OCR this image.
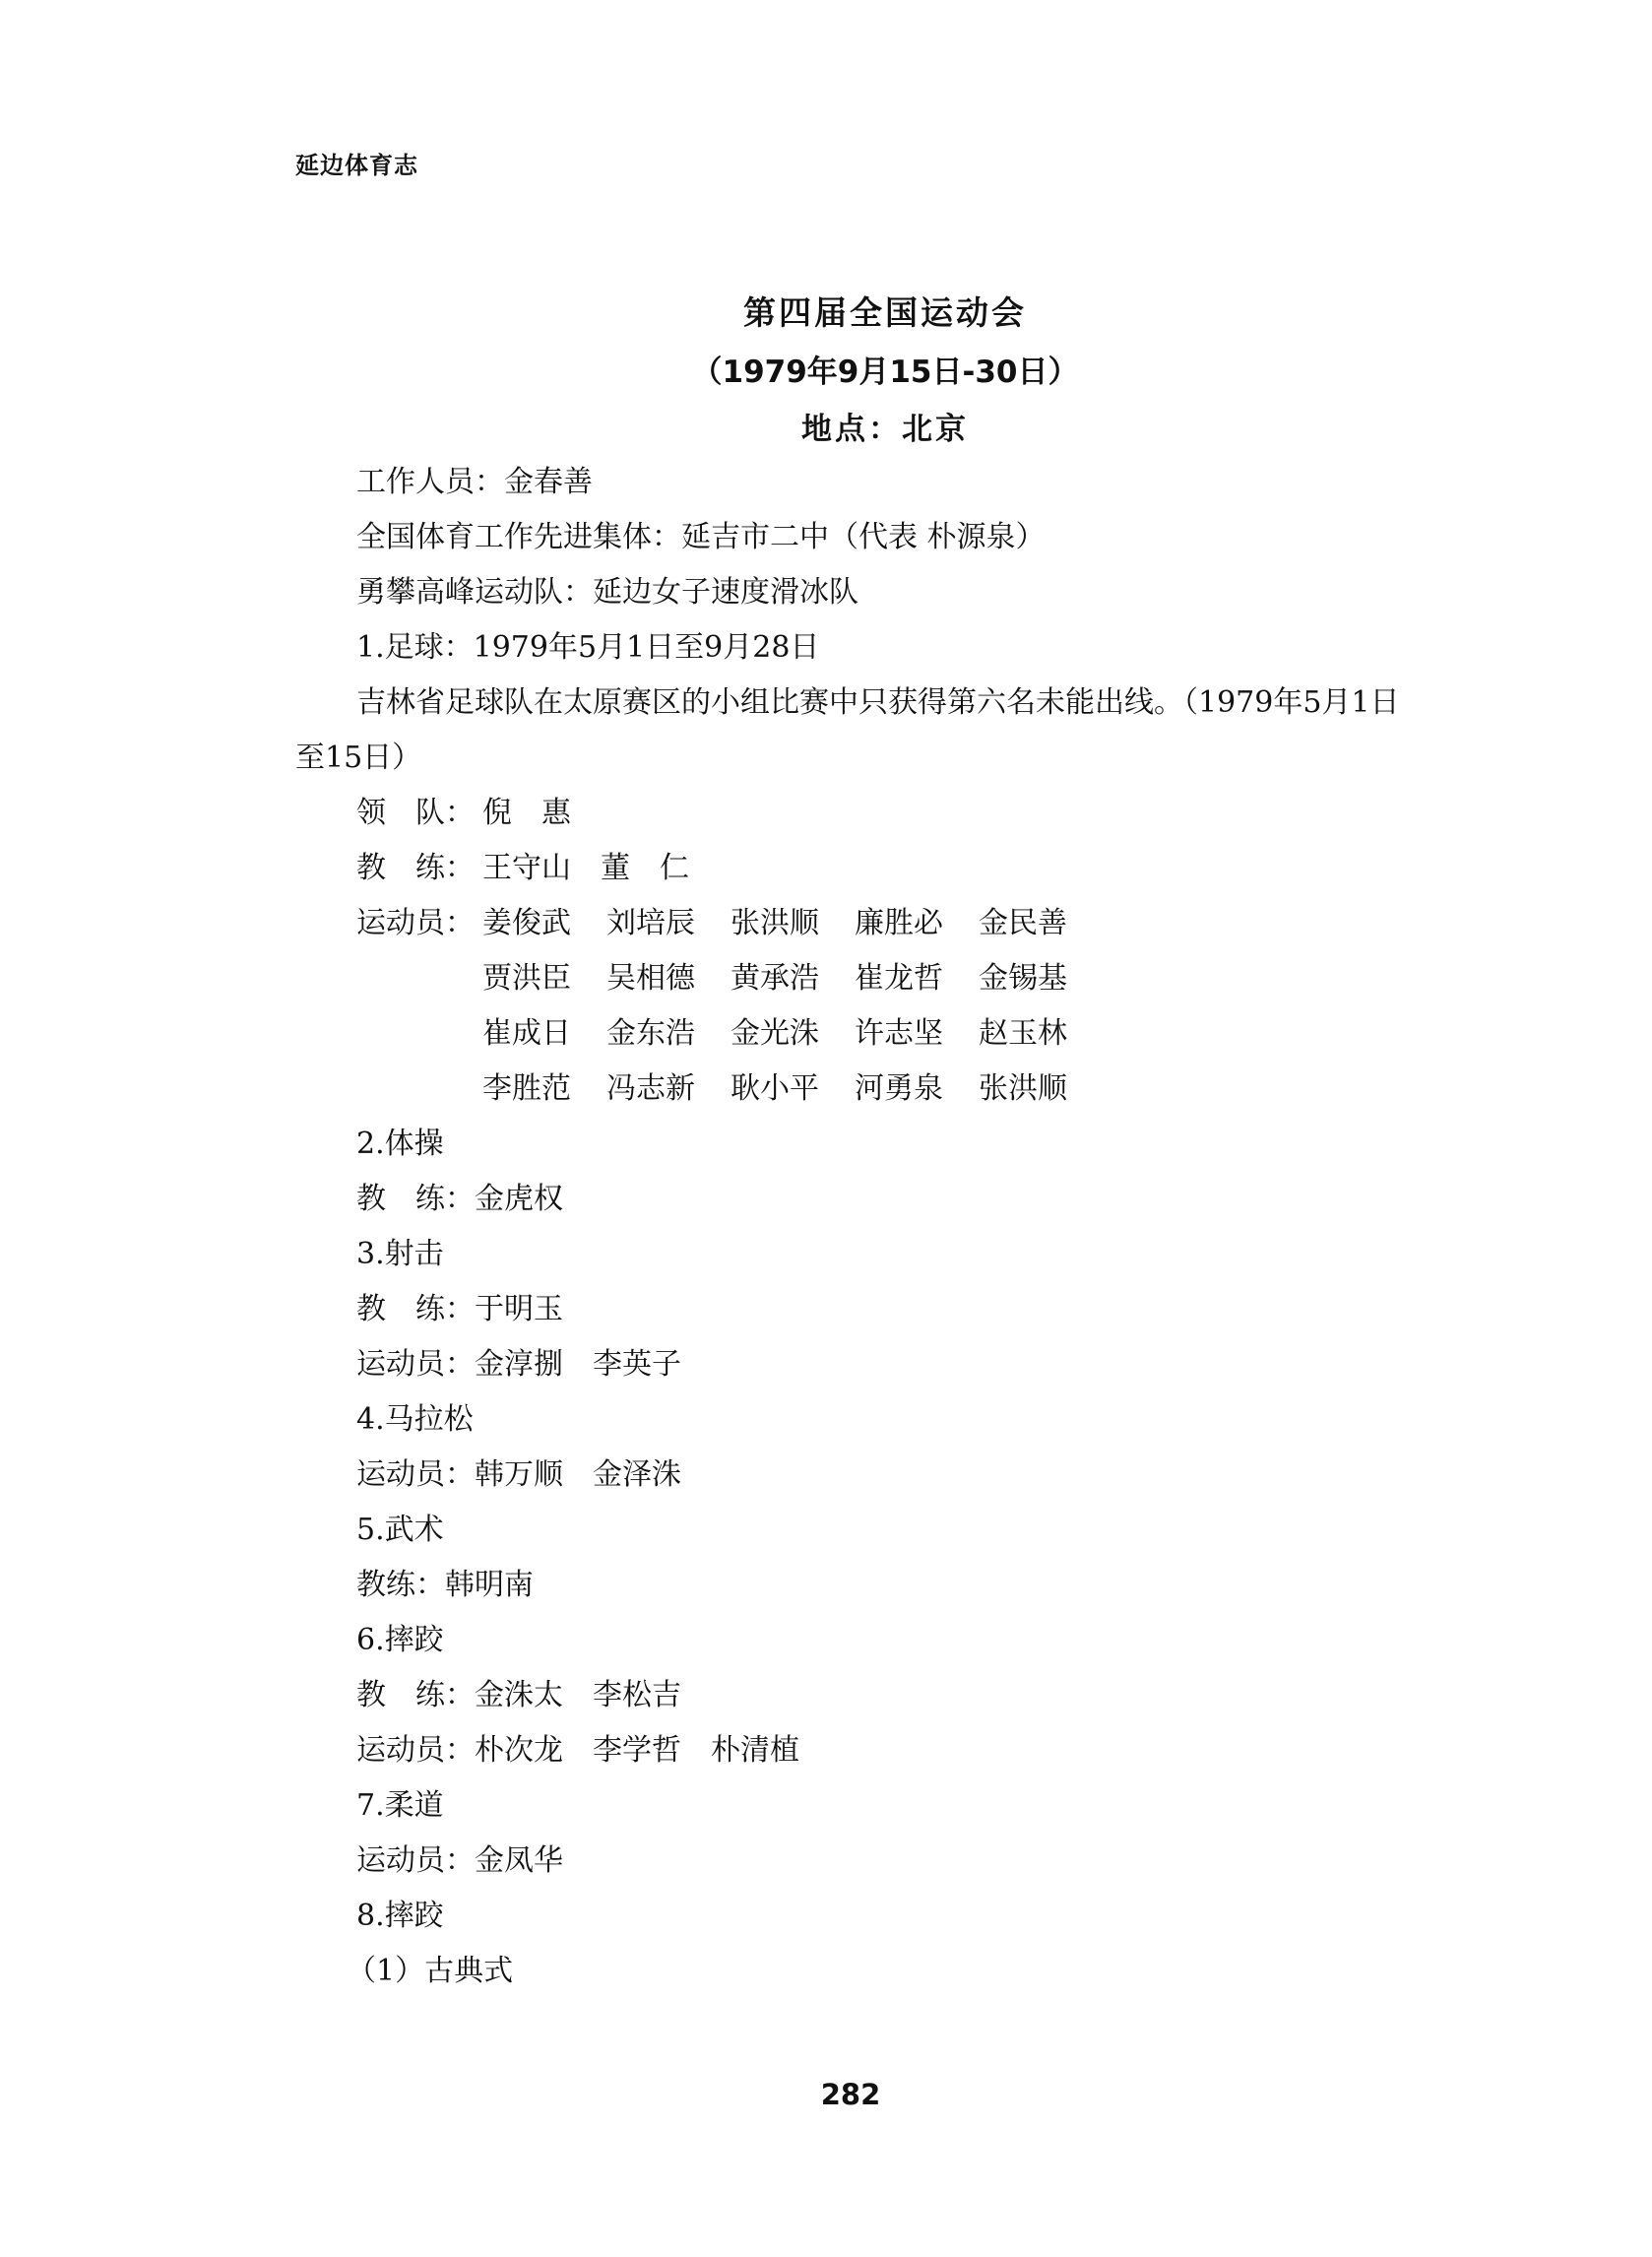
延边体育志
第四届全国运动会
（1979年9月15日-30日）
地点：北京
工作人员：金春善
全国体育工作先进集体：延吉市二中（代表 朴源泉）
勇攀高峰运动队：延边女子速度滑冰队
1.足球：1979年5月1日至9月28日
吉林省足球队在太原赛区的小组比赛中只获得第六名未能出线。（1979年5月1日
至15日）
领　队： 倪　惠
教　练： 王守山　董　仁
运动员： 姜俊武	刘培辰	张洪顺	廉胜必	金民善
贾洪臣	吴相德	黄承浩	崔龙哲	金锡基
崔成日	金东浩	金光洙	许志坚	赵玉林
李胜范	冯志新	耿小平	河勇泉	张洪顺
2.体操
教　练：金虎权
3.射击
教　练：于明玉
运动员：金淳捌　李英子
4.马拉松
运动员：韩万顺　金泽洙
5.武术
教练：韩明南
6.摔跤
教　练：金洙太　李松吉
运动员：朴次龙　李学哲　朴清植
7.柔道
运动员：金凤华
8.摔跤
（1）古典式
282
